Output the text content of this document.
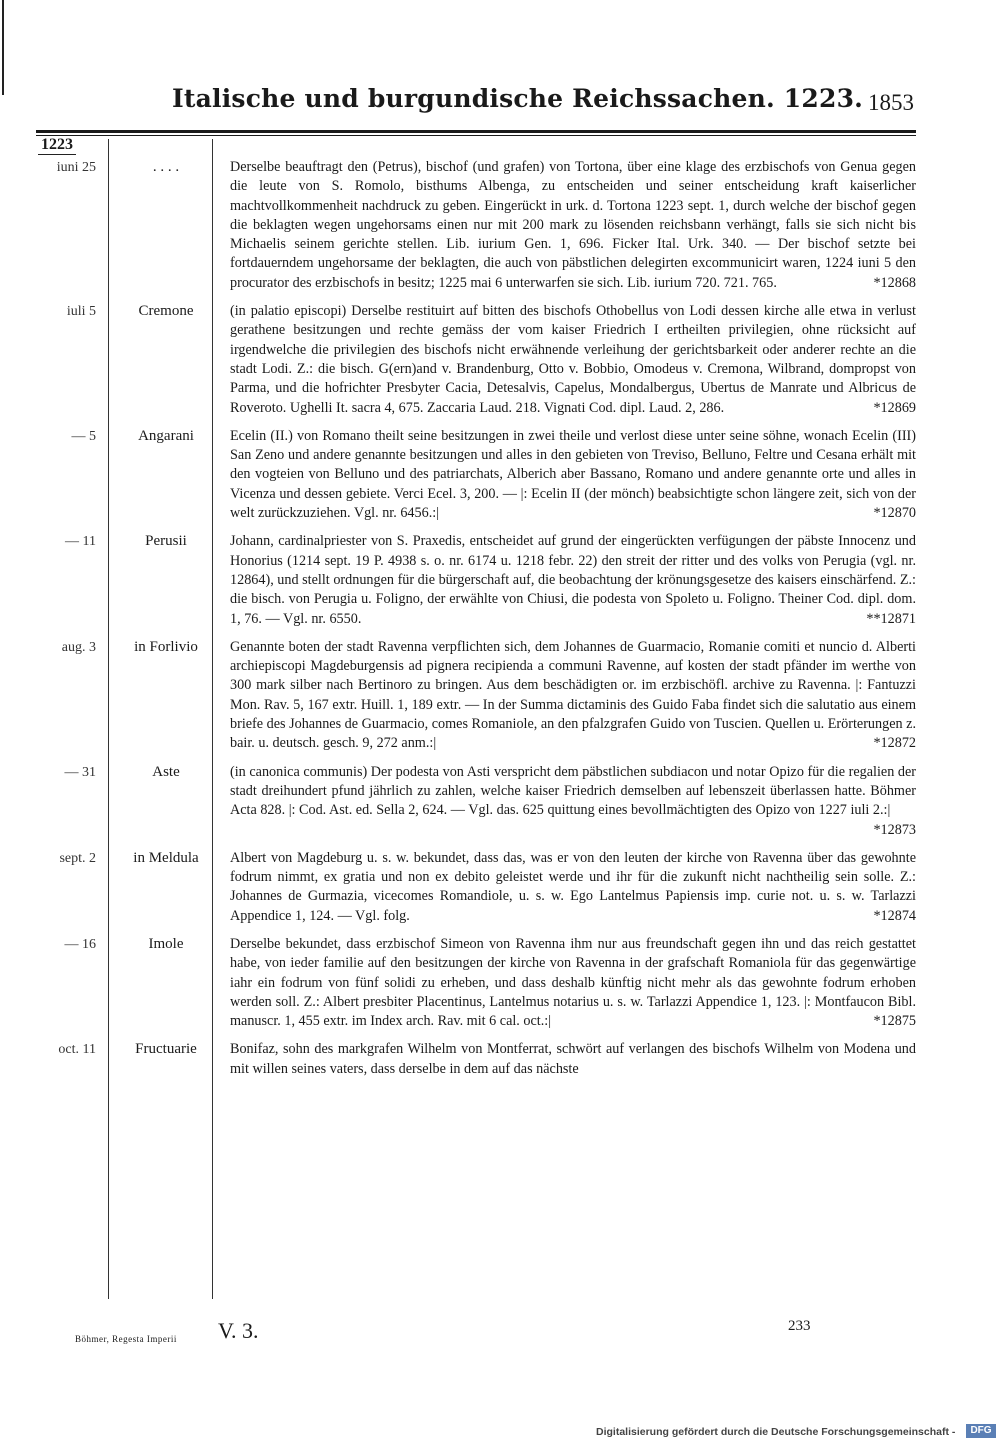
Italische und burgundische Reichssachen. 1223. 1853
1223
iuni 25	. . . .	Derselbe beauftragt den (Petrus), bischof (und grafen) von Tortona, über eine klage des erzbischofs von Genua gegen die leute von S. Romolo, bisthums Albenga, zu entscheiden und seiner entscheidung kraft kaiserlicher machtvollkommenheit nachdruck zu geben. Eingerückt in urk. d. Tortona 1223 sept. 1, durch welche der bischof gegen die beklagten wegen ungehorsams einen nur mit 200 mark zu lösenden reichsbann verhängt, falls sie sich nicht bis Michaelis seinem gerichte stellen. Lib. iurium Gen. 1, 696. Ficker Ital. Urk. 340. — Der bischof setzte bei fortdauerndem ungehorsame der beklagten, die auch von päbstlichen delegirten excommunicirt waren, 1224 iuni 5 den procurator des erzbischofs in besitz; 1225 mai 6 unterwarfen sie sich. Lib. iurium 720. 721. 765.	*12868
iuli 5	Cremone	(in palatio episcopi) Derselbe restituirt auf bitten des bischofs Othobellus von Lodi dessen kirche alle etwa in verlust gerathene besitzungen und rechte gemäss der vom kaiser Friedrich I ertheilten privilegien, ohne rücksicht auf irgendwelche die privilegien des bischofs nicht erwähnende verleihung der gerichtsbarkeit oder anderer rechte an die stadt Lodi. Z.: die bisch. G(ern)and v. Brandenburg, Otto v. Bobbio, Omodeus v. Cremona, Wilbrand, dompropst von Parma, und die hofrichter Presbyter Cacia, Detesalvis, Capelus, Mondalbergus, Ubertus de Manrate und Albricus de Roveroto. Ughelli It. sacra 4, 675. Zaccaria Laud. 218. Vignati Cod. dipl. Laud. 2, 286.	*12869
— 5	Angarani	Ecelin (II.) von Romano theilt seine besitzungen in zwei theile und verlost diese unter seine söhne, wonach Ecelin (III) San Zeno und andere genannte besitzungen und alles in den gebieten von Treviso, Belluno, Feltre und Cesana erhält mit den vogteien von Belluno und des patriarchats, Alberich aber Bassano, Romano und andere genannte orte und alles in Vicenza und dessen gebiete. Verci Ecel. 3, 200. — |: Ecelin II (der mönch) beabsichtigte schon längere zeit, sich von der welt zurückzuziehen. Vgl. nr. 6456.:|	*12870
— 11	Perusii	Johann, cardinalpriester von S. Praxedis, entscheidet auf grund der eingerückten verfügungen der päbste Innocenz und Honorius (1214 sept. 19 P. 4938 s. o. nr. 6174 u. 1218 febr. 22) den streit der ritter und des volks von Perugia (vgl. nr. 12864), und stellt ordnungen für die bürgerschaft auf, die beobachtung der krönungsgesetze des kaisers einschärfend. Z.: die bisch. von Perugia u. Foligno, der erwählte von Chiusi, die podesta von Spoleto u. Foligno. Theiner Cod. dipl. dom. 1, 76. — Vgl. nr. 6550.	**12871
aug. 3	in Forlivio	Genannte boten der stadt Ravenna verpflichten sich, dem Johannes de Guarmacio, Romanie comiti et nuncio d. Alberti archiepiscopi Magdeburgensis ad pignera recipienda a communi Ravenne, auf kosten der stadt pfänder im werthe von 300 mark silber nach Bertinoro zu bringen. Aus dem beschädigten or. im erzbischöfl. archive zu Ravenna. |: Fantuzzi Mon. Rav. 5, 167 extr. Huill. 1, 189 extr. — In der Summa dictaminis des Guido Faba findet sich die salutatio aus einem briefe des Johannes de Guarmacio, comes Romaniole, an den pfalzgrafen Guido von Tuscien. Quellen u. Erörterungen z. bair. u. deutsch. gesch. 9, 272 anm.:|	*12872
— 31	Aste	(in canonica communis) Der podesta von Asti verspricht dem päbstlichen subdiacon und notar Opizo für die regalien der stadt dreihundert pfund jährlich zu zahlen, welche kaiser Friedrich demselben auf lebenszeit überlassen hatte. Böhmer Acta 828. |: Cod. Ast. ed. Sella 2, 624. — Vgl. das. 625 quittung eines bevollmächtigten des Opizo von 1227 iuli 2.:|
*12873
sept. 2	in Meldula	Albert von Magdeburg u. s. w. bekundet, dass das, was er von den leuten der kirche von Ravenna über das gewohnte fodrum nimmt, ex gratia und non ex debito geleistet werde und ihr für die zukunft nicht nachtheilig sein solle. Z.: Johannes de Gurmazia, vicecomes Romandiole, u. s. w. Ego Lantelmus Papiensis imp. curie not. u. s. w. Tarlazzi Appendice 1, 124. — Vgl. folg.	*12874
— 16	Imole	Derselbe bekundet, dass erzbischof Simeon von Ravenna ihm nur aus freundschaft gegen ihn und das reich gestattet habe, von ieder familie auf den besitzungen der kirche von Ravenna in der grafschaft Romaniola für das gegenwärtige iahr ein fodrum von fünf solidi zu erheben, und dass deshalb künftig nicht mehr als das gewohnte fodrum erhoben werden soll. Z.: Albert presbiter Placentinus, Lantelmus notarius u. s. w. Tarlazzi Appendice 1, 123. |: Montfaucon Bibl. manuscr. 1, 455 extr. im Index arch. Rav. mit 6 cal. oct.:|	*12875
oct. 11	Fructuarie	Bonifaz, sohn des markgrafen Wilhelm von Montferrat, schwört auf verlangen des bischofs Wilhelm von Modena und mit willen seines vaters, dass derselbe in dem auf das nächste
Böhmer, Regesta Imperii V. 3.	233
Digitalisierung gefördert durch die Deutsche Forschungsgemeinschaft -	DFG
